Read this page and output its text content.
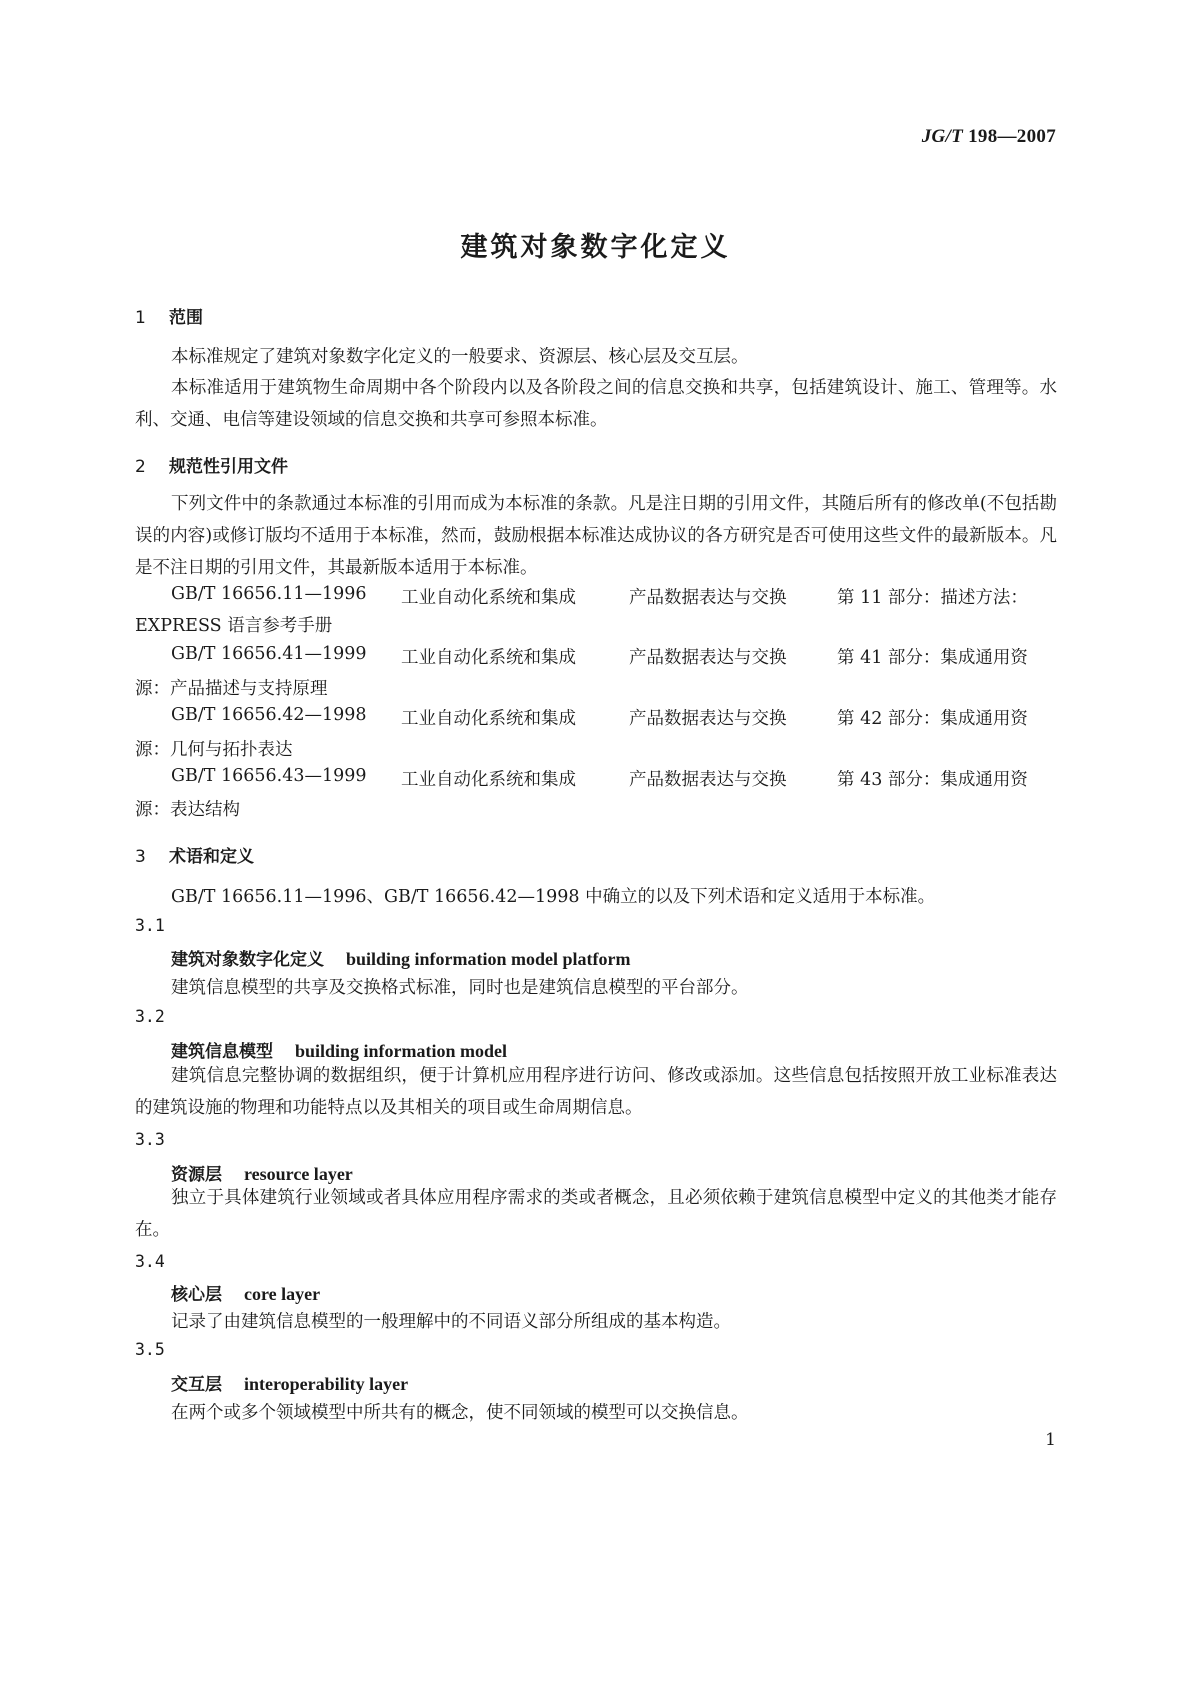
JG/T 198—2007
建筑对象数字化定义
1 范围
本标准规定了建筑对象数字化定义的一般要求、资源层、核心层及交互层。
本标准适用于建筑物生命周期中各个阶段内以及各阶段之间的信息交换和共享，包括建筑设计、施工、管理等。水利、交通、电信等建设领域的信息交换和共享可参照本标准。
2 规范性引用文件
下列文件中的条款通过本标准的引用而成为本标准的条款。凡是注日期的引用文件，其随后所有的修改单(不包括勘误的内容)或修订版均不适用于本标准，然而，鼓励根据本标准达成协议的各方研究是否可使用这些文件的最新版本。凡是不注日期的引用文件，其最新版本适用于本标准。
GB/T 16656.11—1996	工业自动化系统和集成	产品数据表达与交换	第 11 部分：描述方法：
EXPRESS 语言参考手册
GB/T 16656.41—1999	工业自动化系统和集成	产品数据表达与交换	第 41 部分：集成通用资
源：产品描述与支持原理
GB/T 16656.42—1998	工业自动化系统和集成	产品数据表达与交换	第 42 部分：集成通用资
源：几何与拓扑表达
GB/T 16656.43—1999	工业自动化系统和集成	产品数据表达与交换	第 43 部分：集成通用资
源：表达结构
3 术语和定义
GB/T 16656.11—1996、GB/T 16656.42—1998 中确立的以及下列术语和定义适用于本标准。
3.1
建筑对象数字化定义 building information model platform
建筑信息模型的共享及交换格式标准，同时也是建筑信息模型的平台部分。
3.2
建筑信息模型 building information model
建筑信息完整协调的数据组织，便于计算机应用程序进行访问、修改或添加。这些信息包括按照开放工业标准表达的建筑设施的物理和功能特点以及其相关的项目或生命周期信息。
3.3
资源层 resource layer
独立于具体建筑行业领域或者具体应用程序需求的类或者概念，且必须依赖于建筑信息模型中定义的其他类才能存在。
3.4
核心层 core layer
记录了由建筑信息模型的一般理解中的不同语义部分所组成的基本构造。
3.5
交互层 interoperability layer
在两个或多个领域模型中所共有的概念，使不同领域的模型可以交换信息。
1
